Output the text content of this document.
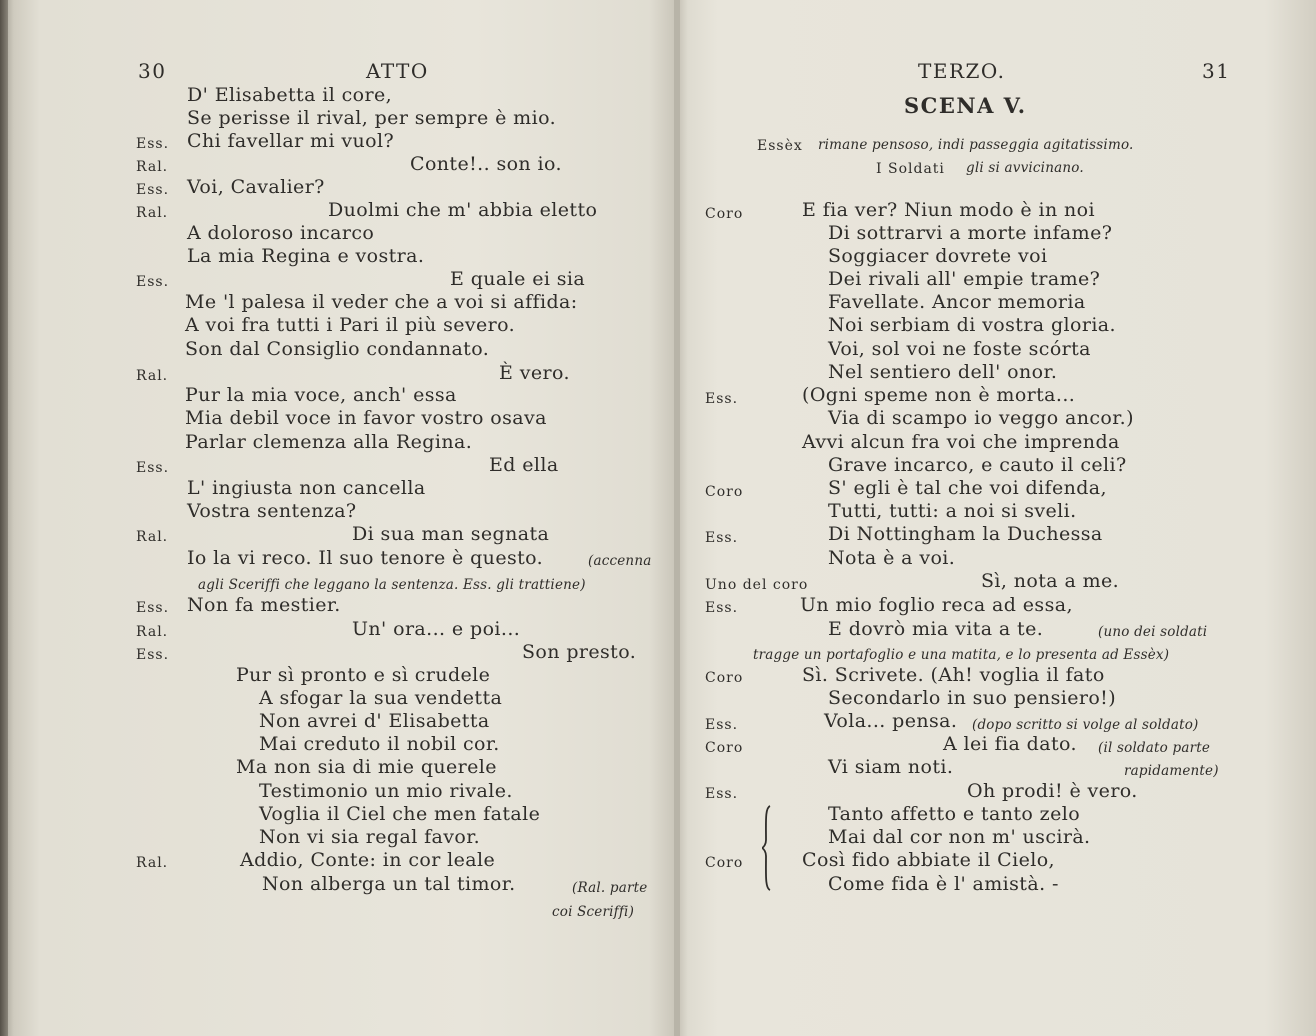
30	ATTO
D' Elisabetta il core,
Se perisse il rival, per sempre è mio.
Ess. Chi favellar mi vuol?
Ral.	Conte!.. son io.
Ess. Voi, Cavalier?
Ral.	Duolmi che m' abbia eletto
A doloroso incarco
La mia Regina e vostra.
Ess.	E quale ei sia
Me 'l palesa il veder che a voi si affida:
A voi fra tutti i Pari il più severo.
Son dal Consiglio condannato.
Ral.	È vero.
Pur la mia voce, anch' essa
Mia debil voce in favor vostro osava
Parlar clemenza alla Regina.
Ess.	Ed ella
L' ingiusta non cancella
Vostra sentenza?
Ral.	Di sua man segnata
Io la vi reco. Il suo tenore è questo.	(accenna
agli Sceriffi che leggano la sentenza. Ess. gli trattiene)
Ess. Non fa mestier.
Ral.	Un' ora... e poi...
Ess.	Son presto.
Pur sì pronto e sì crudele
A sfogar la sua vendetta
Non avrei d' Elisabetta
Mai creduto il nobil cor.
Ma non sia di mie querele
Testimonio un mio rivale.
Voglia il Ciel che men fatale
Non vi sia regal favor.
Ral.	Addio, Conte: in cor leale
Non alberga un tal timor.	(Ral. parte
coi Sceriffi)
TERZO.	31
SCENA V.
Essèx rimane pensoso, indi passeggia agitatissimo.
I Soldati gli si avvicinano.
Coro	E fia ver? Niun modo è in noi
Di sottrarvi a morte infame?
Soggiacer dovrete voi
Dei rivali all' empie trame?
Favellate. Ancor memoria
Noi serbiam di vostra gloria.
Voi, sol voi ne foste scórta
Nel sentiero dell' onor.
Ess.	(Ogni speme non è morta...
Via di scampo io veggo ancor.)
Avvi alcun fra voi che imprenda
Grave incarco, e cauto il celi?
Coro	S' egli è tal che voi difenda,
Tutti, tutti: a noi si sveli.
Ess.	Di Nottingham la Duchessa
Nota è a voi.
Uno del coro	Sì, nota a me.
Ess.	Un mio foglio reca ad essa,
E dovrò mia vita a te.	(uno dei soldati
tragge un portafoglio e una matita, e lo presenta ad Essèx)
Coro	Sì. Scrivete. (Ah! voglia il fato
Secondarlo in suo pensiero!)
Ess.	Vola... pensa. (dopo scritto si volge al soldato)
Coro	A lei fia dato. (il soldato parte
Vi siam noti.	rapidamente)
Ess.	Oh prodi! è vero.
Tanto affetto e tanto zelo
Mai dal cor non m' uscirà.
Coro	Così fido abbiate il Cielo,
Come fida è l' amistà. -
